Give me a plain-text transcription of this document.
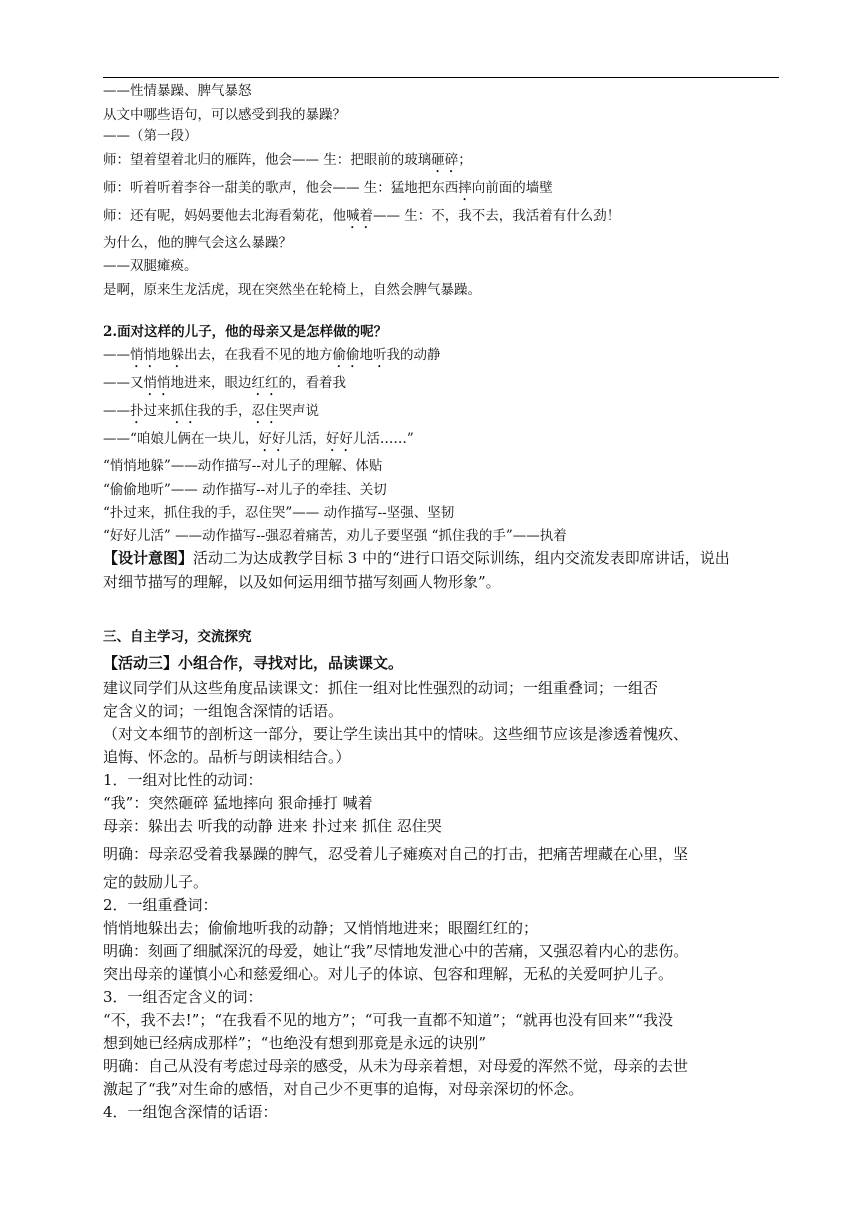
——性情暴躁、脾气暴怒
从文中哪些语句，可以感受到我的暴躁？
——（第一段）
师：望着望着北归的雁阵，他会—— 生：把眼前的玻璃砸碎；
师：听着听着李谷一甜美的歌声，他会—— 生：猛地把东西摔向前面的墙壁
师：还有呢，妈妈要他去北海看菊花，他喊着—— 生：不，我不去，我活着有什么劲！
为什么，他的脾气会这么暴躁？
——双腿瘫痪。
是啊，原来生龙活虎，现在突然坐在轮椅上，自然会脾气暴躁。
2.面对这样的儿子，他的母亲又是怎样做的呢？
——悄悄地躲出去，在我看不见的地方偷偷地听我的动静
——又悄悄地进来，眼边红红的，看着我
——扑过来抓住我的手，忍住哭声说
——“咱娘儿俩在一块儿，好好儿活，好好儿活……”
“悄悄地躲”——动作描写--对儿子的理解、体贴
“偷偷地听”—— 动作描写--对儿子的牵挂、关切
“扑过来，抓住我的手，忍住哭”—— 动作描写--坚强、坚韧
“好好儿活” ——动作描写--强忍着痛苦，劝儿子要坚强 “抓住我的手”——执着
【设计意图】活动二为达成教学目标 3 中的“进行口语交际训练，组内交流发表即席讲话，说出
对细节描写的理解，以及如何运用细节描写刻画人物形象”。
三、自主学习，交流探究
【活动三】小组合作，寻找对比，品读课文。
建议同学们从这些角度品读课文：抓住一组对比性强烈的动词；一组重叠词；一组否
定含义的词；一组饱含深情的话语。
（对文本细节的剖析这一部分，要让学生读出其中的情味。这些细节应该是渗透着愧疚、
追悔、怀念的。品析与朗读相结合。）
1．一组对比性的动词：
“我”：突然砸碎 猛地摔向 狠命捶打 喊着
母亲：躲出去 听我的动静 进来 扑过来 抓住 忍住哭
明确：母亲忍受着我暴躁的脾气，忍受着儿子瘫痪对自己的打击，把痛苦埋藏在心里，坚
定的鼓励儿子。
2．一组重叠词：
悄悄地躲出去；偷偷地听我的动静；又悄悄地进来；眼圈红红的；
明确：刻画了细腻深沉的母爱，她让“我”尽情地发泄心中的苦痛，又强忍着内心的悲伤。
突出母亲的谨慎小心和慈爱细心。对儿子的体谅、包容和理解，无私的关爱呵护儿子。
3．一组否定含义的词：
“不，我不去!”；“在我看不见的地方”；“可我一直都不知道”；“就再也没有回来”“我没
想到她已经病成那样”；“也绝没有想到那竟是永远的诀别”
明确：自己从没有考虑过母亲的感受，从未为母亲着想，对母爱的浑然不觉，母亲的去世
激起了“我”对生命的感悟，对自己少不更事的追悔，对母亲深切的怀念。
4．一组饱含深情的话语：
